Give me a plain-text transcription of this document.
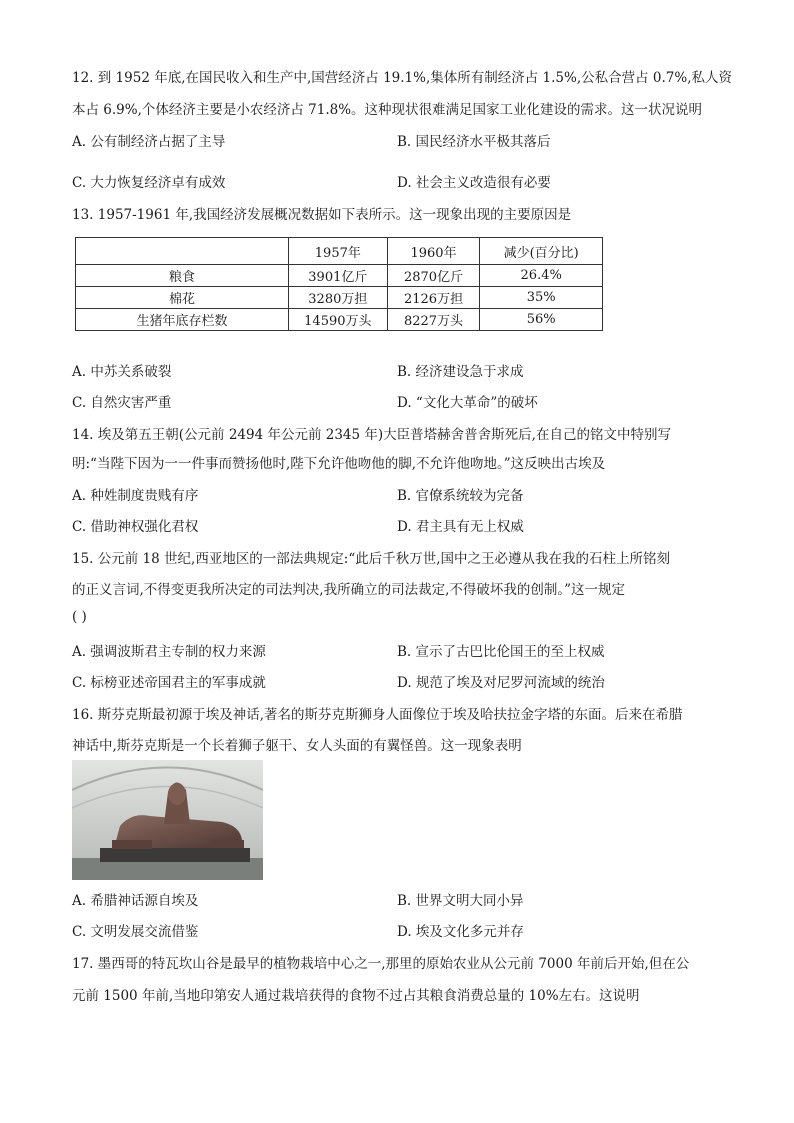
12. 到 1952 年底,在国民收入和生产中,国营经济占 19.1%,集体所有制经济占 1.5%,公私合营占 0.7%,私人资
本占 6.9%,个体经济主要是小农经济占 71.8%。这种现状很难满足国家工业化建设的需求。这一状况说明
A. 公有制经济占据了主导	B. 国民经济水平极其落后
C. 大力恢复经济卓有成效	D. 社会主义改造很有必要
13. 1957-1961 年,我国经济发展概况数据如下表所示。这一现象出现的主要原因是
	1957年	1960年	减少(百分比)
粮食	3901亿斤	2870亿斤	26.4%
棉花	3280万担	2126万担	35%
生猪年底存栏数	14590万头	8227万头	56%
A. 中苏关系破裂	B. 经济建设急于求成
C. 自然灾害严重	D. “文化大革命”的破坏
14. 埃及第五王朝(公元前 2494 年公元前 2345 年)大臣普塔赫舍普舍斯死后,在自己的铭文中特别写
明:“当陛下因为一一件事而赞扬他时,陛下允许他吻他的脚,不允许他吻地。”这反映出古埃及
A. 种姓制度贵贱有序	B. 官僚系统较为完备
C. 借助神权强化君权	D. 君主具有无上权威
15. 公元前 18 世纪,西亚地区的一部法典规定:“此后千秋万世,国中之王必遵从我在我的石柱上所铭刻
的正义言词,不得变更我所决定的司法判决,我所确立的司法裁定,不得破坏我的创制。”这一规定
( )
A. 强调波斯君主专制的权力来源	B. 宣示了古巴比伦国王的至上权威
C. 标榜亚述帝国君主的军事成就	D. 规范了埃及对尼罗河流域的统治
16. 斯芬克斯最初源于埃及神话,著名的斯芬克斯狮身人面像位于埃及哈扶拉金字塔的东面。后来在希腊
神话中,斯芬克斯是一个长着狮子躯干、女人头面的有翼怪兽。这一现象表明
A. 希腊神话源自埃及	B. 世界文明大同小异
C. 文明发展交流借鉴	D. 埃及文化多元并存
17. 墨西哥的特瓦坎山谷是最早的植物栽培中心之一,那里的原始农业从公元前 7000 年前后开始,但在公
元前 1500 年前,当地印第安人通过栽培获得的食物不过占其粮食消费总量的 10%左右。这说明
